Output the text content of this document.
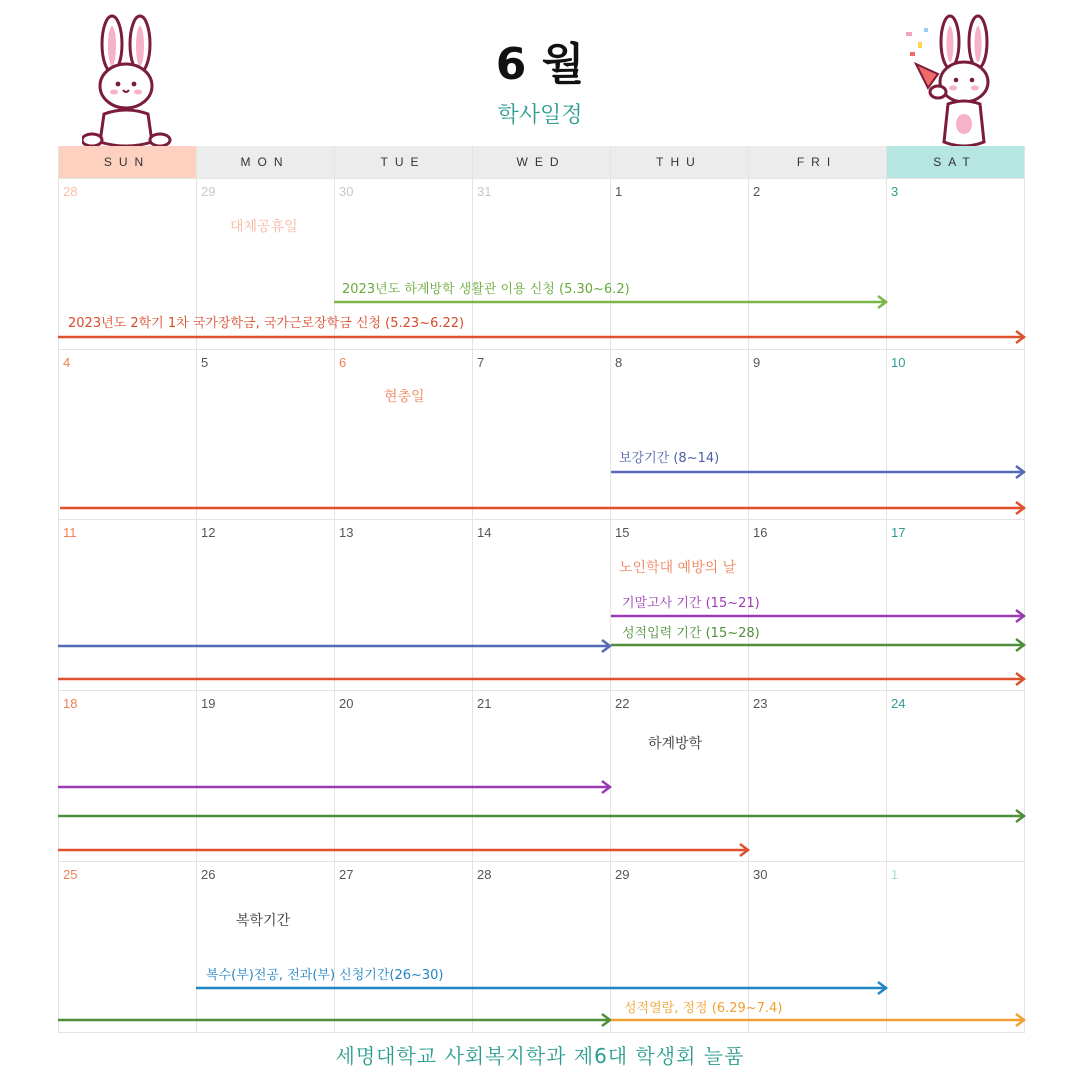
6 월
학사일정
SUN	MON	TUE	WED	THU	FRI	SAT
28	29	30	31	1	2	3
4	5	6	7	8	9	10
11	12	13	14	15	16	17
18	19	20	21	22	23	24
25	26	27	28	29	30	1
대체공휴일
2023년도 하계방학 생활관 이용 신청 (5.30~6.2)
2023년도 2학기 1차 국가장학금, 국가근로장학금 신청 (5.23~6.22)
현충일
보강기간 (8~14)
노인학대 예방의 날
기말고사 기간 (15~21)
성적입력 기간 (15~28)
하계방학
복학기간
복수(부)전공, 전과(부) 신청기간(26~30)
성적열람, 정정 (6.29~7.4)
세명대학교 사회복지학과 제6대 학생회 늘품
